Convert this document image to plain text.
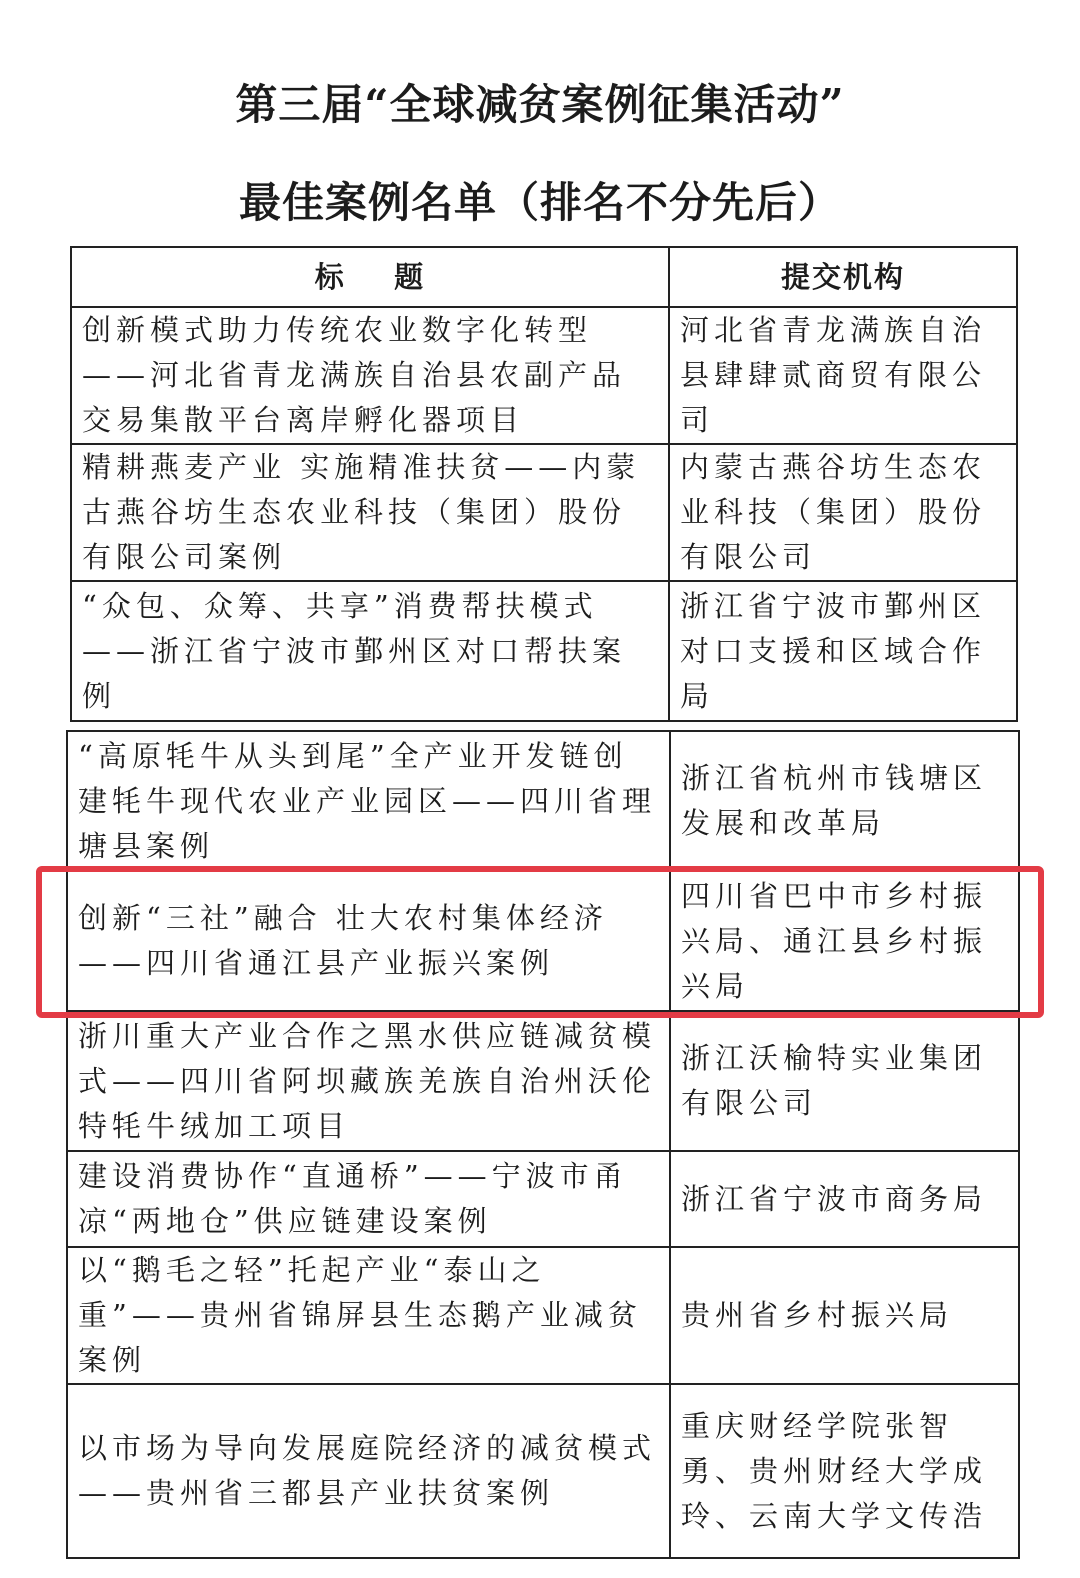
第三届“全球减贫案例征集活动”
最佳案例名单（排名不分先后）
标    题	提交机构
创新模式助力传统农业数字化转型——河北省青龙满族自治县农副产品交易集散平台离岸孵化器项目	河北省青龙满族自治县肆肆贰商贸有限公司
精耕燕麦产业 实施精准扶贫——内蒙古燕谷坊生态农业科技（集团）股份有限公司案例	内蒙古燕谷坊生态农业科技（集团）股份有限公司
“众包、众筹、共享”消费帮扶模式——浙江省宁波市鄞州区对口帮扶案例	浙江省宁波市鄞州区对口支援和区域合作局
“高原牦牛从头到尾”全产业开发链创建牦牛现代农业产业园区——四川省理塘县案例	浙江省杭州市钱塘区发展和改革局
创新“三社”融合 壮大农村集体经济——四川省通江县产业振兴案例	四川省巴中市乡村振兴局、通江县乡村振兴局
浙川重大产业合作之黑水供应链减贫模式——四川省阿坝藏族羌族自治州沃伦特牦牛绒加工项目	浙江沃榆特实业集团有限公司
建设消费协作“直通桥”——宁波市甬凉“两地仓”供应链建设案例	浙江省宁波市商务局
以“鹅毛之轻”托起产业“泰山之重”——贵州省锦屏县生态鹅产业减贫案例	贵州省乡村振兴局
以市场为导向发展庭院经济的减贫模式——贵州省三都县产业扶贫案例	重庆财经学院张智勇、贵州财经大学成玲、云南大学文传浩
